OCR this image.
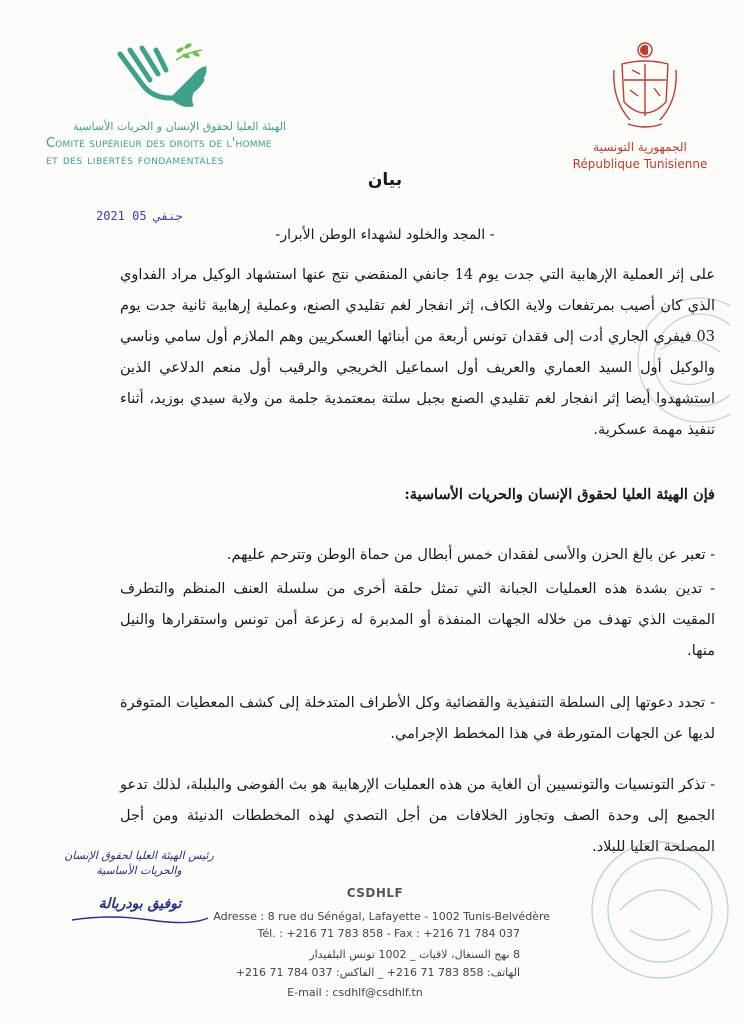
الهيئة العليا لحقوق الإنسان و الحريات الأساسية
Comité supérieur des droits de l'homme
et des libertés fondamentales
الجمهورية التونسية
République Tunisienne
بيان
2021 جنفي 05
- المجد والخلود لشهداء الوطن الأبرار-
على إثر العملية الإرهابية التي جدت يوم 14 جانفي المنقضي نتج عنها استشهاد الوكيل مراد الفداوي الذي كان أصيب بمرتفعات ولاية الكاف، إثر انفجار لغم تقليدي الصنع، وعملية إرهابية ثانية جدت يوم 03 فيفري الجاري أدت إلى فقدان تونس أربعة من أبنائها العسكريين وهم الملازم أول سامي وناسي والوكيل أول السيد العماري والعريف أول اسماعيل الخريجي والرقيب أول منعم الدلاعي الذين استشهدوا أيضا إثر انفجار لغم تقليدي الصنع بجبل سلتة بمعتمدية جلمة من ولاية سيدي بوزيد، أثناء تنفيذ مهمة عسكرية.
فإن الهيئة العليا لحقوق الإنسان والحريات الأساسية:
- تعبر عن بالغ الحزن والأسى لفقدان خمس أبطال من حماة الوطن وتترحم عليهم.
- تدين بشدة هذه العمليات الجبانة التي تمثل حلقة أخرى من سلسلة العنف المنظم والتطرف المقيت الذي تهدف من خلاله الجهات المنفذة أو المدبرة له زعزعة أمن تونس واستقرارها والنيل منها.
- تجدد دعوتها إلى السلطة التنفيذية والقضائية وكل الأطراف المتدخلة إلى كشف المعطيات المتوفرة لديها عن الجهات المتورطة في هذا المخطط الإجرامي.
- تذكر التونسيات والتونسيين أن الغاية من هذه العمليات الإرهابية هو بث الفوضى والبلبلة، لذلك تدعو الجميع إلى وحدة الصف وتجاوز الخلافات من أجل التصدي لهذه المخططات الدنيئة ومن أجل المصلحة العليا للبلاد.
رئيس الهيئة العليا لحقوق الإنسان
والحريات الأساسية
توفيق بودربالة
CSDHLF
Adresse : 8 rue du Sénégal, Lafayette - 1002 Tunis-Belvédère
Tél. : +216 71 783 858 - Fax : +216 71 784 037
8 نهج السنغال، لافيات _ 1002 تونس البلفيدار
الهاتف: 858 783 71 216+ _ الفاكس: 037 784 71 216+
E-mail : csdhlf@csdhlf.tn
